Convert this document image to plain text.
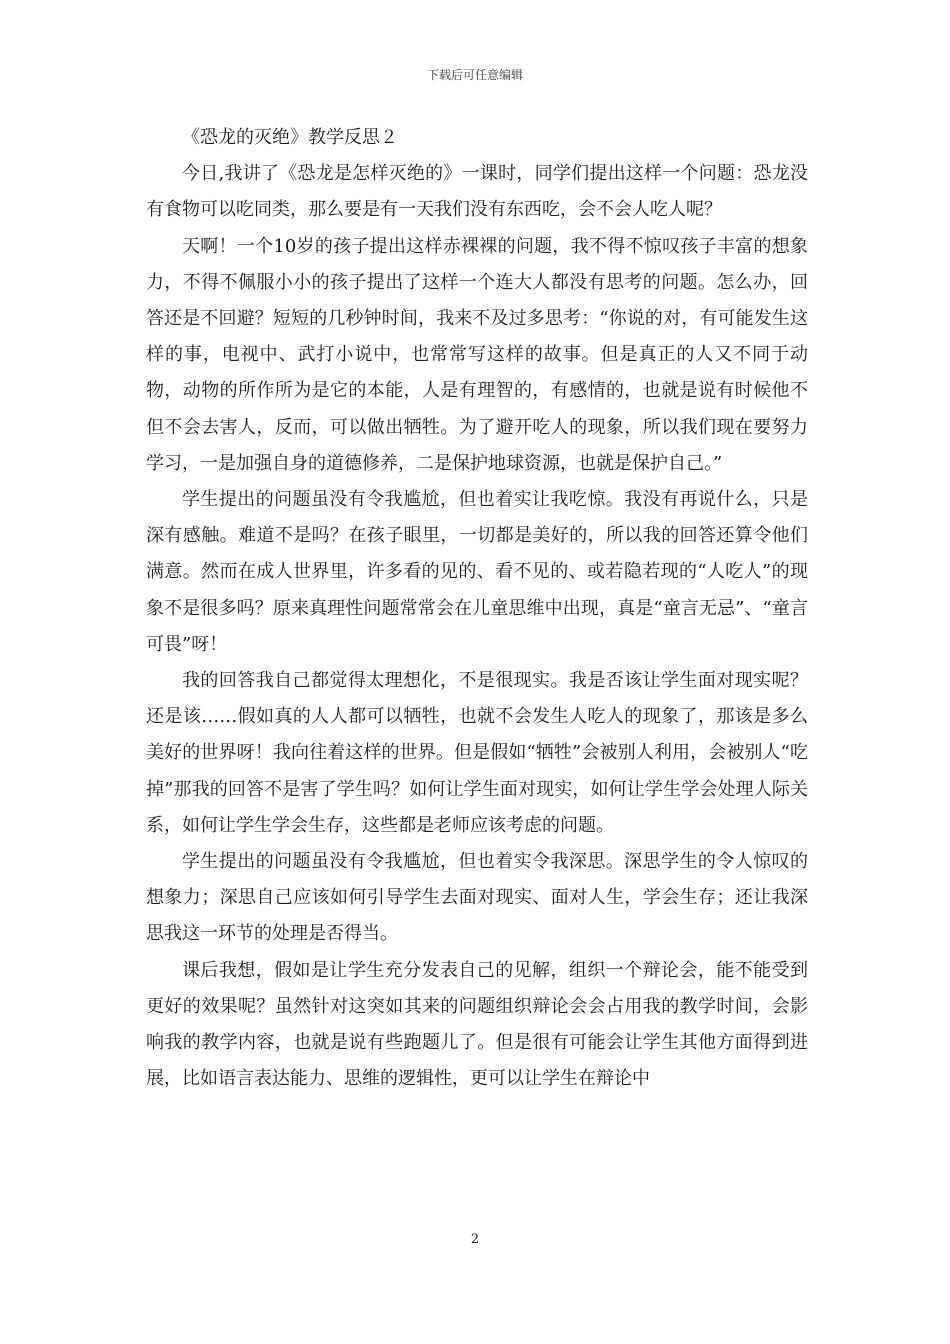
下载后可任意编辑

《恐龙的灭绝》教学反思２

今日,我讲了《恐龙是怎样灭绝的》一课时，同学们提出这样一个问题：恐龙没有食物可以吃同类，那么要是有一天我们没有东西吃，会不会人吃人呢？

天啊！一个10岁的孩子提出这样赤裸裸的问题，我不得不惊叹孩子丰富的想象力，不得不佩服小小的孩子提出了这样一个连大人都没有思考的问题。怎么办，回答还是不回避？短短的几秒钟时间，我来不及过多思考：“你说的对，有可能发生这样的事，电视中、武打小说中，也常常写这样的故事。但是真正的人又不同于动物，动物的所作所为是它的本能，人是有理智的，有感情的，也就是说有时候他不但不会去害人，反而，可以做出牺牲。为了避开吃人的现象，所以我们现在要努力学习，一是加强自身的道德修养，二是保护地球资源，也就是保护自己。”

学生提出的问题虽没有令我尴尬，但也着实让我吃惊。我没有再说什么，只是深有感触。难道不是吗？在孩子眼里，一切都是美好的，所以我的回答还算令他们满意。然而在成人世界里，许多看的见的、看不见的、或若隐若现的“人吃人”的现象不是很多吗？原来真理性问题常常会在儿童思维中出现，真是“童言无忌”、“童言可畏”呀！

我的回答我自己都觉得太理想化，不是很现实。我是否该让学生面对现实呢？还是该……假如真的人人都可以牺牲，也就不会发生人吃人的现象了，那该是多么美好的世界呀！我向往着这样的世界。但是假如“牺牲”会被别人利用，会被别人“吃掉”那我的回答不是害了学生吗？如何让学生面对现实，如何让学生学会处理人际关系，如何让学生学会生存，这些都是老师应该考虑的问题。

学生提出的问题虽没有令我尴尬，但也着实令我深思。深思学生的令人惊叹的想象力；深思自己应该如何引导学生去面对现实、面对人生，学会生存；还让我深思我这一环节的处理是否得当。

课后我想，假如是让学生充分发表自己的见解，组织一个辩论会，能不能受到更好的效果呢？虽然针对这突如其来的问题组织辩论会会占用我的教学时间，会影响我的教学内容，也就是说有些跑题儿了。但是很有可能会让学生其他方面得到进展，比如语言表达能力、思维的逻辑性，更可以让学生在辩论中

2
